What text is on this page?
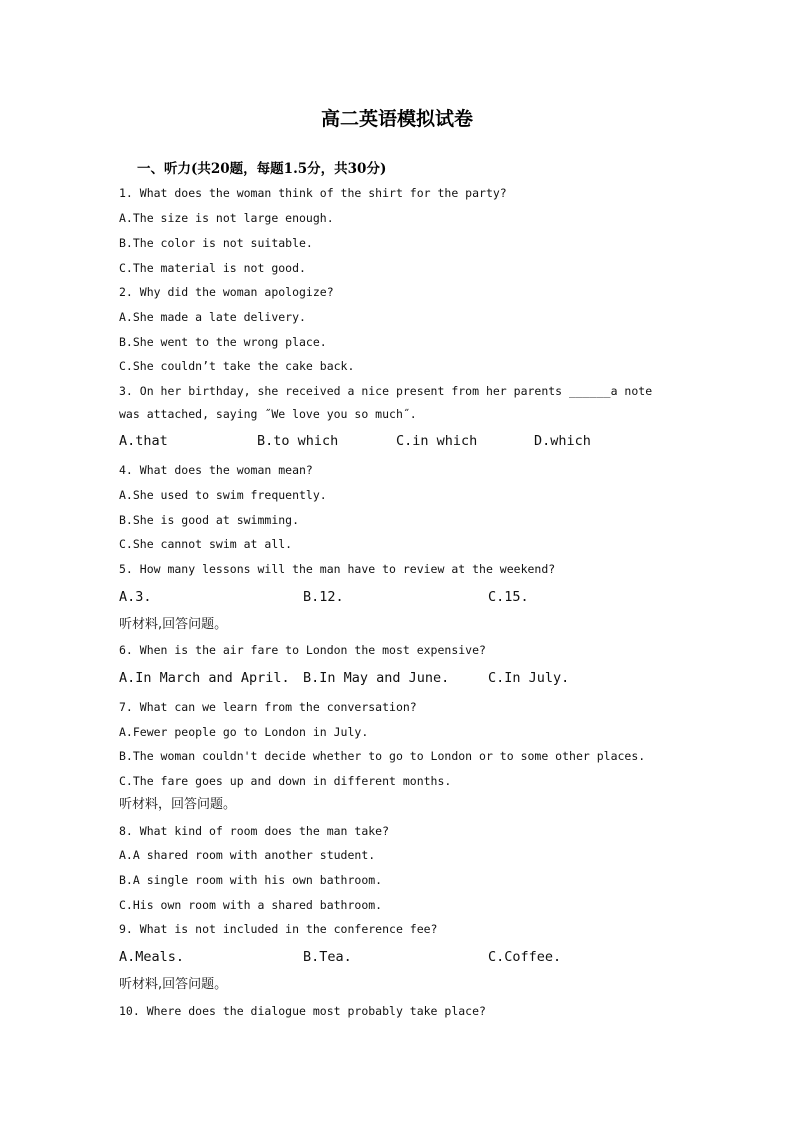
高二英语模拟试卷

一、听力(共20题，每题1.5分，共30分)

1. What does the woman think of the shirt for the party?

A.The size is not large enough.

B.The color is not suitable.

C.The material is not good.

2. Why did the woman apologize?

A.She made a late delivery.

B.She went to the wrong place.

C.She couldn’t take the cake back.

3. On her birthday, she received a nice present from her parents ______a note

was attached, saying ˝We love you so much˝.

A.that	B.to which	C.in which	D.which

4. What does the woman mean?

A.She used to swim frequently.

B.She is good at swimming.

C.She cannot swim at all.

5. How many lessons will the man have to review at the weekend?

A.3.	B.12.	C.15.

听材料,回答问题。

6. When is the air fare to London the most expensive?

A.In March and April. B.In May and June.	C.In July.

7. What can we learn from the conversation?

A.Fewer people go to London in July.

B.The woman couldn't decide whether to go to London or to some other places.

C.The fare goes up and down in different months.

听材料，回答问题。

8. What kind of room does the man take?

A.A shared room with another student.

B.A single room with his own bathroom.

C.His own room with a shared bathroom.

9. What is not included in the conference fee?

A.Meals.	B.Tea.	C.Coffee.

听材料,回答问题。

10. Where does the dialogue most probably take place?
